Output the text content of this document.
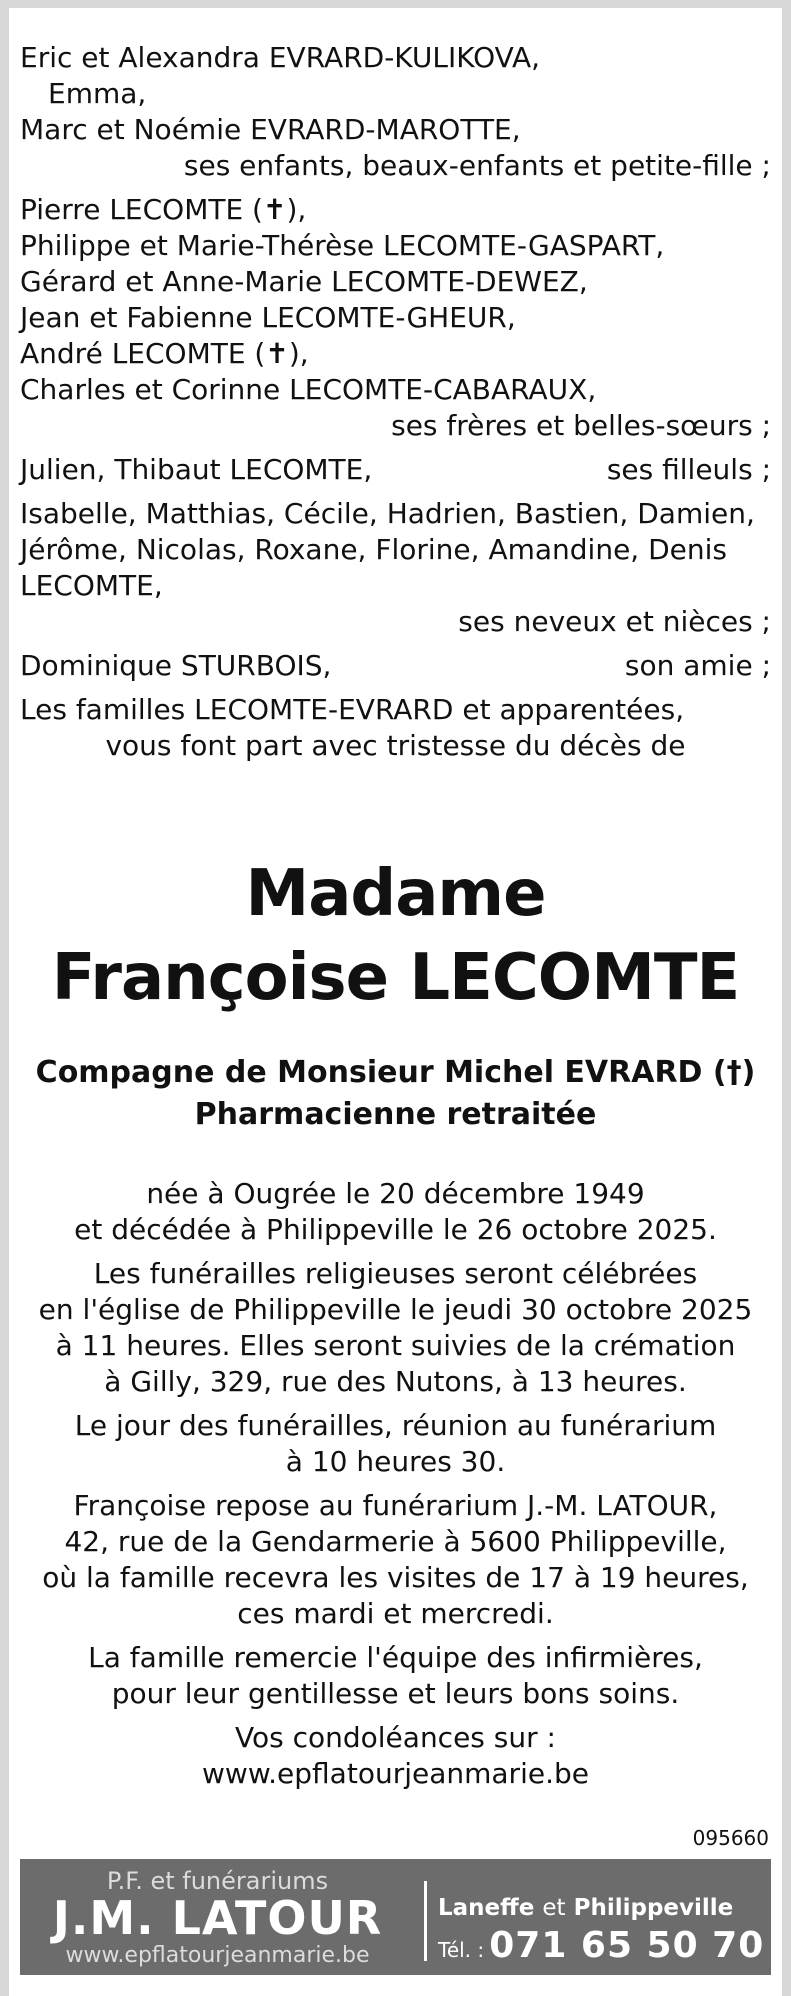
Eric et Alexandra EVRARD-KULIKOVA,
Emma,
Marc et Noémie EVRARD-MAROTTE,
ses enfants, beaux-enfants et petite-fille ;
Pierre LECOMTE (✝),
Philippe et Marie-Thérèse LECOMTE-GASPART,
Gérard et Anne-Marie LECOMTE-DEWEZ,
Jean et Fabienne LECOMTE-GHEUR,
André LECOMTE (✝),
Charles et Corinne LECOMTE-CABARAUX,
ses frères et belles-sœurs ;
Julien, Thibaut LECOMTE,	ses filleuls ;
Isabelle, Matthias, Cécile, Hadrien, Bastien, Damien,
Jérôme, Nicolas, Roxane, Florine, Amandine, Denis
LECOMTE,
ses neveux et nièces ;
Dominique STURBOIS,	son amie ;
Les familles LECOMTE-EVRARD et apparentées,
vous font part avec tristesse du décès de
Madame
Françoise LECOMTE
Compagne de Monsieur Michel EVRARD (†)
Pharmacienne retraitée
née à Ougrée le 20 décembre 1949
et décédée à Philippeville le 26 octobre 2025.
Les funérailles religieuses seront célébrées
en l'église de Philippeville le jeudi 30 octobre 2025
à 11 heures. Elles seront suivies de la crémation
à Gilly, 329, rue des Nutons, à 13 heures.
Le jour des funérailles, réunion au funérarium
à 10 heures 30.
Françoise repose au funérarium J.-M. LATOUR,
42, rue de la Gendarmerie à 5600 Philippeville,
où la famille recevra les visites de 17 à 19 heures,
ces mardi et mercredi.
La famille remercie l'équipe des infirmières,
pour leur gentillesse et leurs bons soins.
Vos condoléances sur :
www.epflatourjeanmarie.be
095660
P.F. et funérariums
J.M. LATOUR
www.epflatourjeanmarie.be
Laneffe et Philippeville
Tél. : 071 65 50 70
